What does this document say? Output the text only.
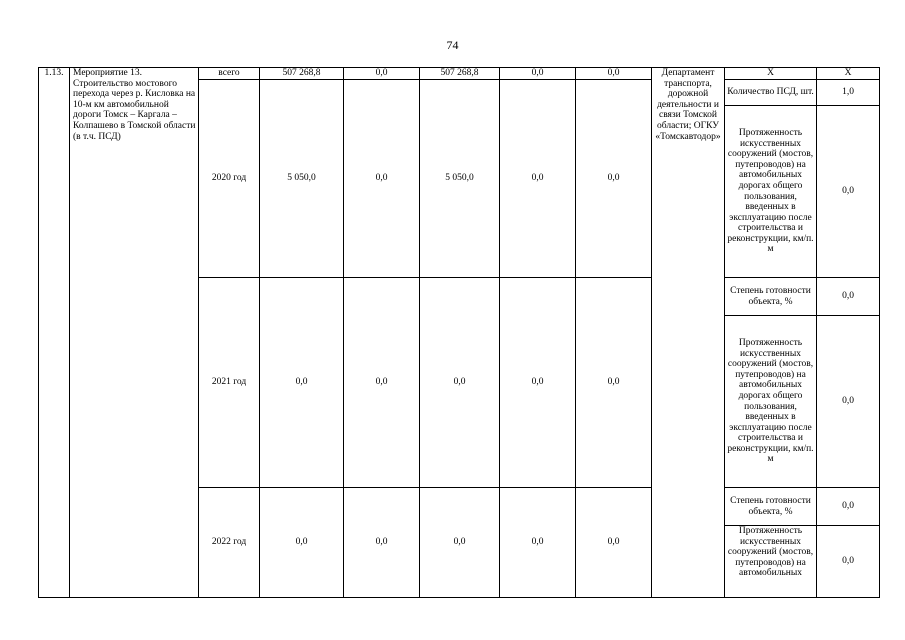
74
1.13.	Мероприятие 13. Строительство мостового перехода через р. Кисловка на 10-м км автомобильной дороги Томск – Каргала – Колпашево в Томской области (в т.ч. ПСД)	всего	507 268,8	0,0	507 268,8	0,0	0,0	Департамент транспорта, дорожной деятельности и связи Томской области; ОГКУ «Томскавтодор»	X	X
		2020 год	5 050,0	0,0	5 050,0	0,0	0,0		Количество ПСД, шт.	1,0
									Протяженность искусственных сооружений (мостов, путепроводов) на автомобильных дорогах общего пользования, введенных в эксплуатацию после строительства и реконструкции, км/п. м	0,0
		2021 год	0,0	0,0	0,0	0,0	0,0		Степень готовности объекта, %	0,0
									Протяженность искусственных сооружений (мостов, путепроводов) на автомобильных дорогах общего пользования, введенных в эксплуатацию после строительства и реконструкции, км/п. м	0,0
		2022 год	0,0	0,0	0,0	0,0	0,0		Степень готовности объекта, %	0,0
									Протяженность искусственных сооружений (мостов, путепроводов) на автомобильных	0,0
